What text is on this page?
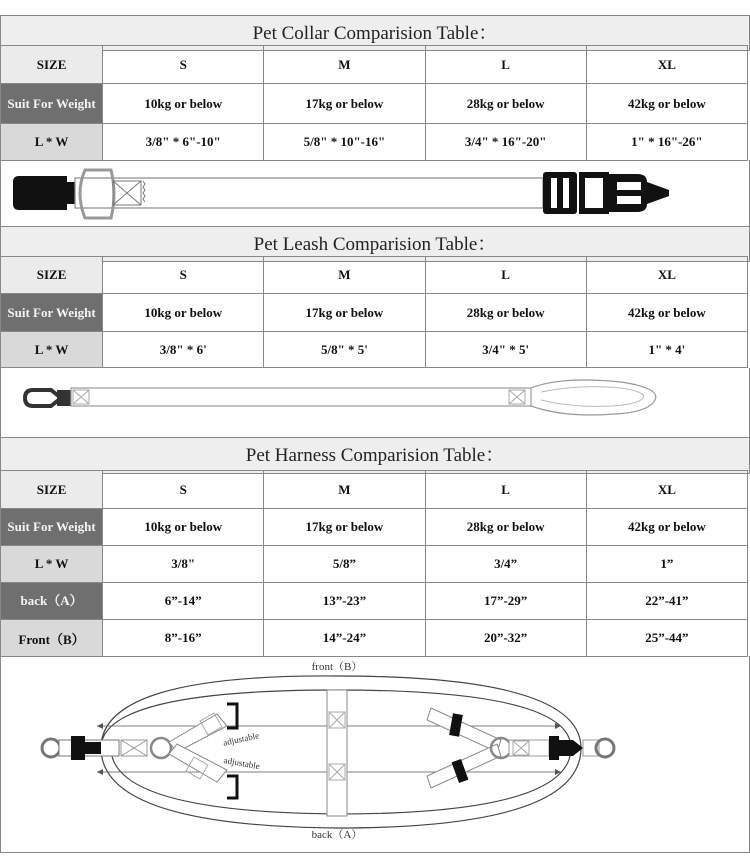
Pet Collar Comparision Table：
SIZE	S	M	L	XL
Suit For Weight	10kg or below	17kg or below	28kg or below	42kg or below
L * W	3/8" * 6"-10"	5/8" * 10"-16"	3/4" * 16"-20"	1" * 16"-26"
Pet Leash Comparision Table：
SIZE	S	M	L	XL
Suit For Weight	10kg or below	17kg or below	28kg or below	42kg or below
L * W	3/8" * 6'	5/8" * 5'	3/4" * 5'	1" * 4'
Pet Harness Comparision Table：
SIZE	S	M	L	XL
Suit For Weight	10kg or below	17kg or below	28kg or below	42kg or below
L * W	3/8"	5/8”	3/4”	1”
back（A）	6”-14”	13”-23”	17”-29”	22”-41”
Front（B）	8”-16”	14”-24”	20”-32”	25”-44”
front（B）
back（A）
adjustable
adjustable
